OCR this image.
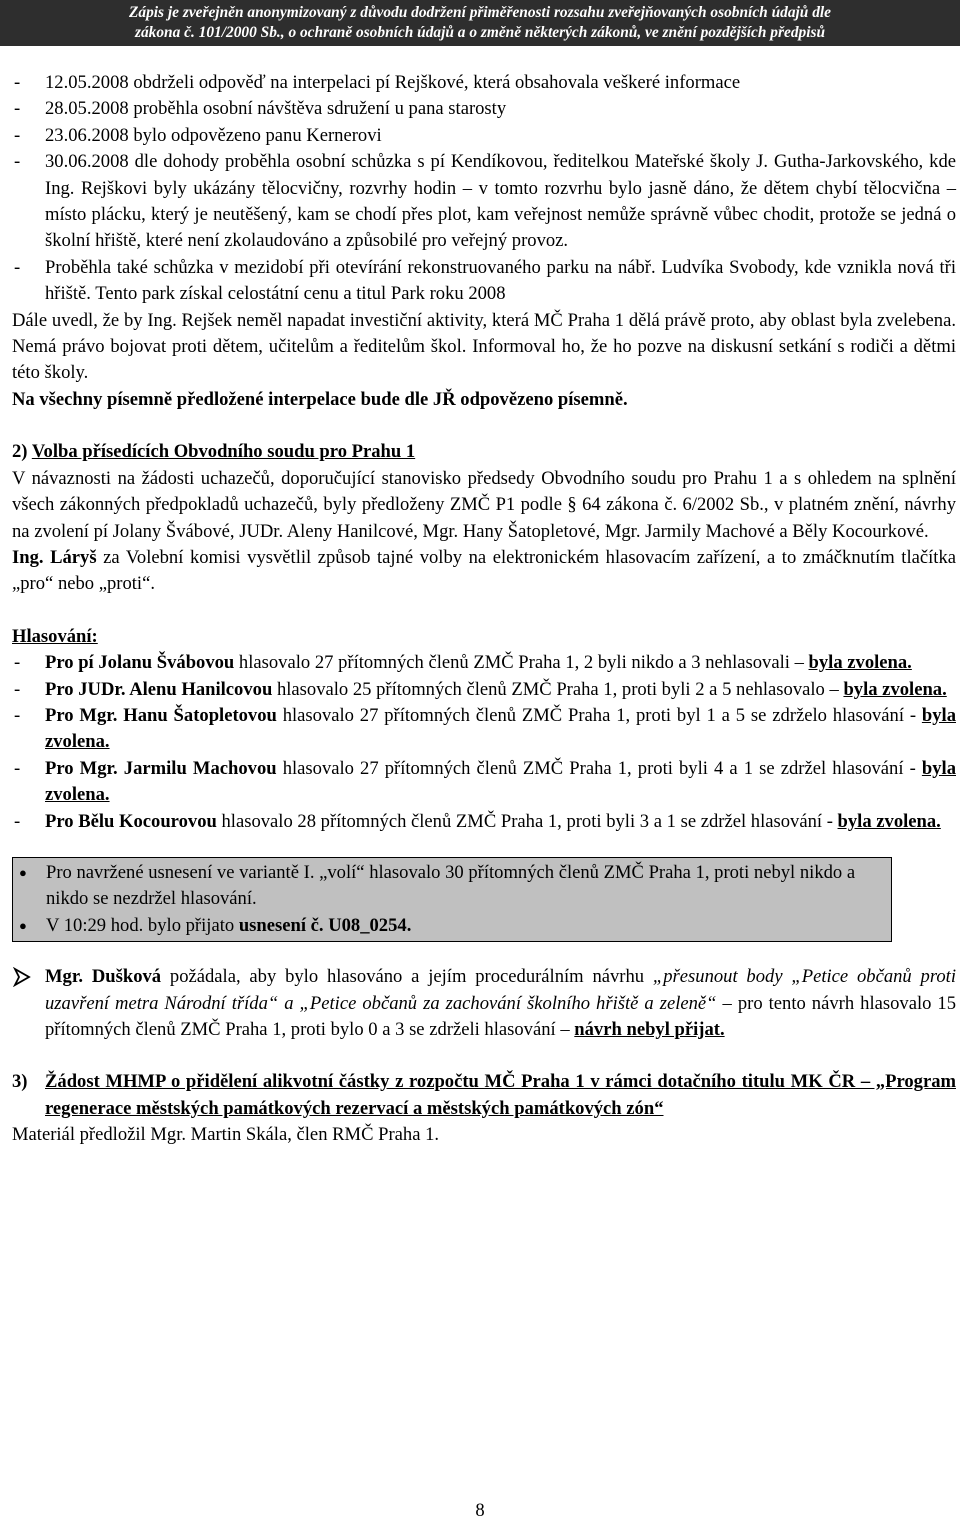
Zápis je zveřejněn anonymizovaný z důvodu dodržení přiměřenosti rozsahu zveřejňovaných osobních údajů dle
zákona č. 101/2000 Sb., o ochraně osobních údajů a o změně některých zákonů, ve znění pozdějších předpisů
- 12.05.2008 obdrželi odpověď na interpelaci pí Rejškové, která obsahovala veškeré informace
- 28.05.2008 proběhla osobní návštěva sdružení u pana starosty
- 23.06.2008 bylo odpovězeno panu Kernerovi
- 30.06.2008 dle dohody proběhla osobní schůzka s pí Kendíkovou, ředitelkou Mateřské školy J. Gutha-Jarkovského, kde Ing. Rejškovi byly ukázány tělocvičny, rozvrhy hodin – v tomto rozvrhu bylo jasně dáno, že dětem chybí tělocvična – místo plácku, který je neutěšený, kam se chodí přes plot, kam veřejnost nemůže správně vůbec chodit, protože se jedná o školní hřiště, které není zkolaudováno a způsobilé pro veřejný provoz.
- Proběhla také schůzka v mezidobí při otevírání rekonstruovaného parku na nábř. Ludvíka Svobody, kde vznikla nová tři hřiště. Tento park získal celostátní cenu a titul Park roku 2008
Dále uvedl, že by Ing. Rejšek neměl napadat investiční aktivity, která MČ Praha 1 dělá právě proto, aby oblast byla zvelebena. Nemá právo bojovat proti dětem, učitelům a ředitelům škol. Informoval ho, že ho pozve na diskusní setkání s rodiči a dětmi této školy.
Na všechny písemně předložené interpelace bude dle JŘ odpovězeno písemně.
2) Volba přísedících Obvodního soudu pro Prahu 1
V návaznosti na žádosti uchazečů, doporučující stanovisko předsedy Obvodního soudu pro Prahu 1 a s ohledem na splnění všech zákonných předpokladů uchazečů, byly předloženy ZMČ P1 podle § 64 zákona č. 6/2002 Sb., v platném znění, návrhy na zvolení pí Jolany Švábové, JUDr. Aleny Hanilcové, Mgr. Hany Šatopletové, Mgr. Jarmily Machové a Běly Kocourkové.
Ing. Láryš za Volební komisi vysvětlil způsob tajné volby na elektronickém hlasovacím zařízení, a to zmáčknutím tlačítka „pro“ nebo „proti“.
Hlasování:
- Pro pí Jolanu Švábovou hlasovalo 27 přítomných členů ZMČ Praha 1, 2 byli nikdo a 3 nehlasovali – byla zvolena.
- Pro JUDr. Alenu Hanilcovou hlasovalo 25 přítomných členů ZMČ Praha 1, proti byli 2 a 5 nehlasovalo – byla zvolena.
- Pro Mgr. Hanu Šatopletovou hlasovalo 27 přítomných členů ZMČ Praha 1, proti byl 1 a 5 se zdrželo hlasování - byla zvolena.
- Pro Mgr. Jarmilu Machovou hlasovalo 27 přítomných členů ZMČ Praha 1, proti byli 4 a 1 se zdržel hlasování - byla zvolena.
- Pro Bělu Kocourovou hlasovalo 28 přítomných členů ZMČ Praha 1, proti byli 3 a 1 se zdržel hlasování - byla zvolena.
● Pro navržené usnesení ve variantě I. „volí“ hlasovalo 30 přítomných členů ZMČ Praha 1, proti nebyl nikdo a nikdo se nezdržel hlasování.
● V 10:29 hod. bylo přijato usnesení č. U08_0254.
Mgr. Dušková požádala, aby bylo hlasováno a jejím procedurálním návrhu „přesunout body „Petice občanů proti uzavření metra Národní třída“ a „Petice občanů za zachování školního hřiště a zeleně“ – pro tento návrh hlasovalo 15 přítomných členů ZMČ Praha 1, proti bylo 0 a 3 se zdrželi hlasování – návrh nebyl přijat.
3) Žádost MHMP o přidělení alikvotní částky z rozpočtu MČ Praha 1 v rámci dotačního titulu MK ČR – „Program regenerace městských památkových rezervací a městských památkových zón“
Materiál předložil Mgr. Martin Skála, člen RMČ Praha 1.
8
